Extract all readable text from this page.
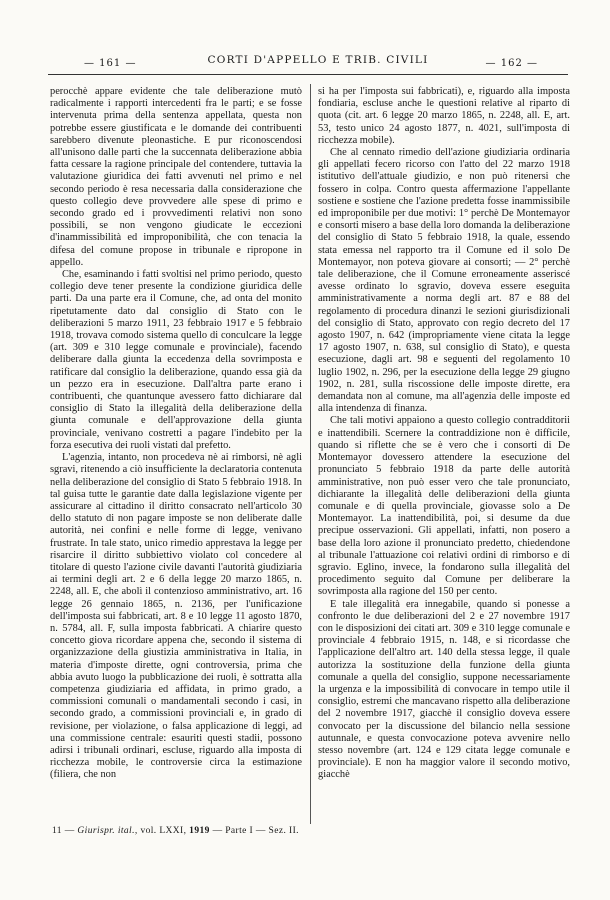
— 161 —	CORTI D'APPELLO E TRIB. CIVILI	— 162 —

perocchè appare evidente che tale deliberazione mutò radicalmente i rapporti intercedenti fra le parti; e se fosse intervenuta prima della sentenza appellata, questa non potrebbe essere giustificata e le domande dei contribuenti sarebbero divenute pleonastiche. E pur riconoscendosi all'unisono dalle parti che la succennata deliberazione abbia fatta cessare la ragione principale del contendere, tuttavia la valutazione giuridica dei fatti avvenuti nel primo e nel secondo periodo è resa necessaria dalla considerazione che questo collegio deve provvedere alle spese di primo e secondo grado ed i provvedimenti relativi non sono possibili, se non vengono giudicate le eccezioni d'inammissibilità ed improponibilità, che con tenacia la difesa del comune propose in tribunale e ripropone in appello.

Che, esaminando i fatti svoltisi nel primo periodo, questo collegio deve tener presente la condizione giuridica delle parti. Da una parte era il Comune, che, ad onta del monito ripetutamente dato dal consiglio di Stato con le deliberazioni 5 marzo 1911, 23 febbraio 1917 e 5 febbraio 1918, trovava comodo sistema quello di conculcare la legge (art. 309 e 310 legge comunale e provinciale), facendo deliberare dalla giunta la eccedenza della sovrimposta e ratificare dal consiglio la deliberazione, quando essa già da un pezzo era in esecuzione. Dall'altra parte erano i contribuenti, che quantunque avessero fatto dichiarare dal consiglio di Stato la illegalità della deliberazione della giunta comunale e dell'approvazione della giunta provinciale, venivano costretti a pagare l'indebito per la forza esecutiva dei ruoli vistati dal prefetto.

L'agenzia, intanto, non procedeva nè ai rimborsi, nè agli sgravi, ritenendo a ciò insufficiente la declaratoria contenuta nella deliberazione del consiglio di Stato 5 febbraio 1918. In tal guisa tutte le garantie date dalla legislazione vigente per assicurare al cittadino il diritto consacrato nell'articolo 30 dello statuto di non pagare imposte se non deliberate dalle autorità, nei confini e nelle forme di legge, venivano frustrate. In tale stato, unico rimedio apprestava la legge per risarcire il diritto subbiettivo violato col concedere al titolare di questo l'azione civile davanti l'autorità giudiziaria ai termini degli art. 2 e 6 della legge 20 marzo 1865, n. 2248, all. E, che abolì il contenzioso amministrativo, art. 16 legge 26 gennaio 1865, n. 2136, per l'unificazione dell'imposta sui fabbricati, art. 8 e 10 legge 11 agosto 1870, n. 5784, all. F, sulla imposta fabbricati. A chiarire questo concetto giova ricordare appena che, secondo il sistema di organizzazione della giustizia amministrativa in Italia, in materia d'imposte dirette, ogni controversia, prima che abbia avuto luogo la pubblicazione dei ruoli, è sottratta alla competenza giudiziaria ed affidata, in primo grado, a commissioni comunali o mandamentali secondo i casi, in secondo grado, a commissioni provinciali e, in grado di revisione, per violazione, o falsa applicazione di leggi, ad una commissione centrale: esauriti questi stadii, possono adirsi i tribunali ordinari, escluse, riguardo alla imposta di ricchezza mobile, le controversie circa la estimazione (filiera, che non

si ha per l'imposta sui fabbricati), e, riguardo alla imposta fondiaria, escluse anche le questioni relative al riparto di quota (cit. art. 6 legge 20 marzo 1865, n. 2248, all. E, art. 53, testo unico 24 agosto 1877, n. 4021, sull'imposta di ricchezza mobile).

Che al cennato rimedio dell'azione giudiziaria ordinaria gli appellati fecero ricorso con l'atto del 22 marzo 1918 istitutivo dell'attuale giudizio, e non può ritenersi che fossero in colpa. Contro questa affermazione l'appellante sostiene e sostiene che l'azione predetta fosse inammissibile ed improponibile per due motivi: 1° perchè De Montemayor e consorti misero a base della loro domanda la deliberazione del consiglio di Stato 5 febbraio 1918, la quale, essendo stata emessa nel rapporto tra il Comune ed il solo De Montemayor, non poteva giovare ai consorti; — 2° perchè tale deliberazione, che il Comune erroneamente asseriscé avesse ordinato lo sgravio, doveva essere eseguita amministrativamente a norma degli art. 87 e 88 del regolamento di procedura dinanzi le sezioni giurisdizionali del consiglio di Stato, approvato con regio decreto del 17 agosto 1907, n. 642 (impropriamente viene citata la legge 17 agosto 1907, n. 638, sul consiglio di Stato), e questa esecuzione, dagli art. 98 e seguenti del regolamento 10 luglio 1902, n. 296, per la esecuzione della legge 29 giugno 1902, n. 281, sulla riscossione delle imposte dirette, era demandata non al comune, ma all'agenzia delle imposte ed alla intendenza di finanza.

Che tali motivi appaiono a questo collegio contradditorii e inattendibili. Scernere la contraddizione non è difficile, quando si riflette che se è vero che i consorti di De Montemayor dovessero attendere la esecuzione del pronunciato 5 febbraio 1918 da parte delle autorità amministrative, non può esser vero che tale pronunciato, dichiarante la illegalità delle deliberazioni della giunta comunale e di quella provinciale, giovasse solo a De Montemayor. La inattendibilità, poi, si desume da due precipue osservazioni. Gli appellati, infatti, non posero a base della loro azione il pronunciato predetto, chiedendone al tribunale l'attuazione coi relativi ordini di rimborso e di sgravio. Eglino, invece, la fondarono sulla illegalità del procedimento seguito dal Comune per deliberare la sovrimposta alla ragione del 150 per cento.

E tale illegalità era innegabile, quando si ponesse a confronto le due deliberazioni del 2 e 27 novembre 1917 con le disposizioni dei citati art. 309 e 310 legge comunale e provinciale 4 febbraio 1915, n. 148, e si ricordasse che l'applicazione dell'altro art. 140 della stessa legge, il quale autorizza la sostituzione della funzione della giunta comunale a quella del consiglio, suppone necessariamente la urgenza e la impossibilità di convocare in tempo utile il consiglio, estremi che mancavano rispetto alla deliberazione del 2 novembre 1917, giacchè il consiglio doveva essere convocato per la discussione del bilancio nella sessione autunnale, e questa convocazione poteva avvenire nello stesso novembre (art. 124 e 129 citata legge comunale e provinciale). E non ha maggior valore il secondo motivo, giacchè

11 — Giurispr. ital., vol. LXXI, 1919 — Parte I — Sez. II.
